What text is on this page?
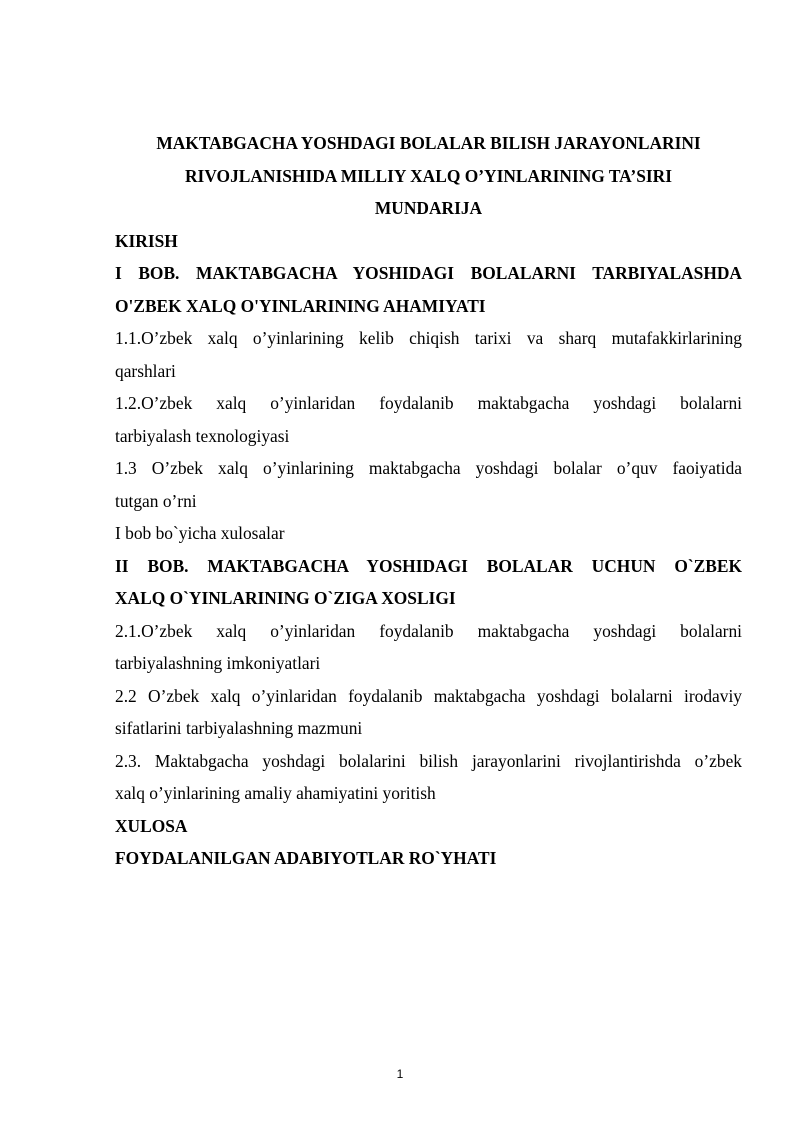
MAKTABGACHA YOSHDAGI BOLALAR BILISH JARAYONLARINI
RIVOJLANISHIDA MILLIY XALQ O’YINLARINING TA’SIRI
MUNDARIJA
KIRISH
I BOB. MAKTABGACHA YOSHIDAGI BOLALARNI TARBIYALASHDA
O'ZBEK XALQ O'YINLARINING AHAMIYATI
1.1.O’zbek xalq o’yinlarining kelib chiqish tarixi va sharq mutafakkirlarining
qarshlari
1.2.O’zbek xalq o’yinlaridan foydalanib maktabgacha yoshdagi bolalarni
tarbiyalash texnologiyasi
1.3 O’zbek xalq o’yinlarining maktabgacha yoshdagi bolalar o’quv faoiyatida
tutgan o’rni
I bob bo`yicha xulosalar
II BOB. MAKTABGACHA YOSHIDAGI BOLALAR UCHUN O`ZBEK
XALQ O`YINLARINING O`ZIGA XOSLIGI
2.1.O’zbek xalq o’yinlaridan foydalanib maktabgacha yoshdagi bolalarni
tarbiyalashning imkoniyatlari
2.2 O’zbek xalq o’yinlaridan foydalanib maktabgacha yoshdagi bolalarni irodaviy
sifatlarini tarbiyalashning mazmuni
2.3. Maktabgacha yoshdagi bolalarini bilish jarayonlarini rivojlantirishda o’zbek
xalq o’yinlarining amaliy ahamiyatini yoritish
XULOSA
FOYDALANILGAN ADABIYOTLAR RO`YHATI
1
